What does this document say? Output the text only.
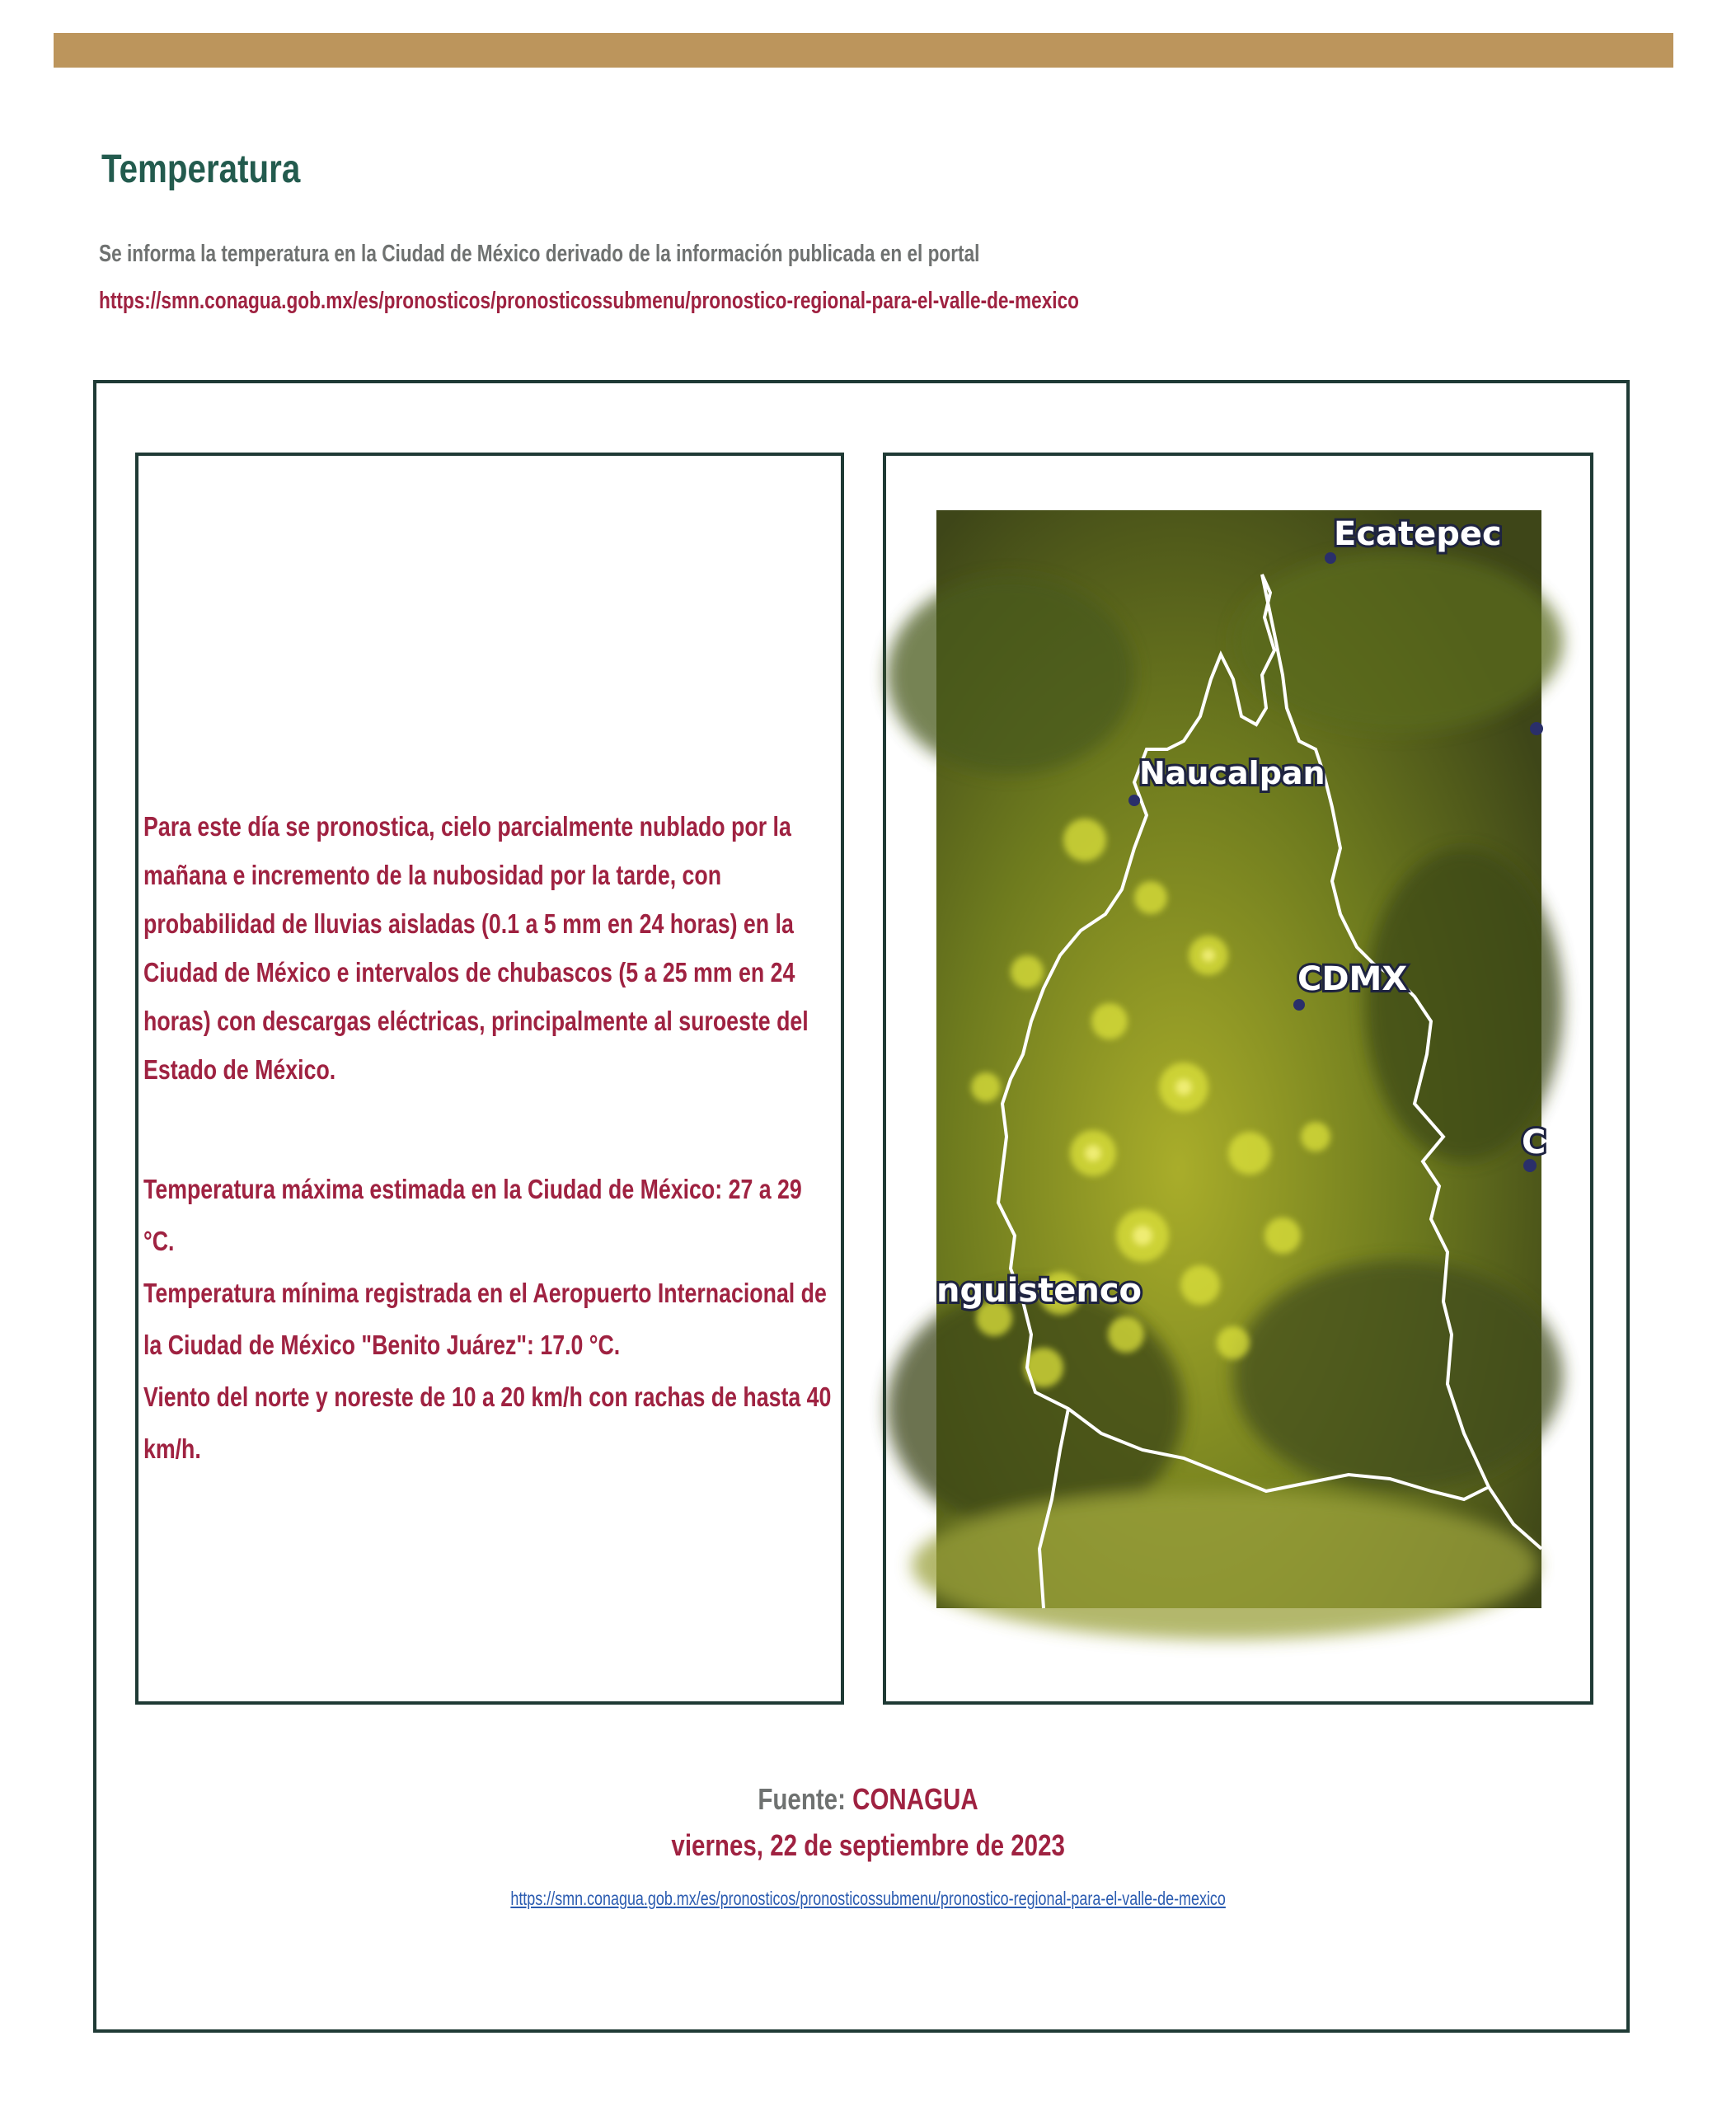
Temperatura
Se informa la temperatura en la Ciudad de México derivado de la información publicada en el portal
https://smn.conagua.gob.mx/es/pronosticos/pronosticossubmenu/pronostico-regional-para-el-valle-de-mexico

Para este día se pronostica, cielo parcialmente nublado por la mañana e incremento de la nubosidad por la tarde, con probabilidad de lluvias aisladas (0.1 a 5 mm en 24 horas) en la Ciudad de México e intervalos de chubascos (5 a 25 mm en 24 horas) con descargas eléctricas, principalmente al suroeste del Estado de México.

Temperatura máxima estimada en la Ciudad de México: 27 a 29 °C.
Temperatura mínima registrada en el Aeropuerto Internacional de la Ciudad de México "Benito Juárez": 17.0 °C.
Viento del norte y noreste de 10 a 20 km/h con rachas de hasta 40 km/h.
Ecatepec
Naucalpan
CDMX
nguistenco
C
Fuente: CONAGUA
viernes, 22 de septiembre de 2023
https://smn.conagua.gob.mx/es/pronosticos/pronosticossubmenu/pronostico-regional-para-el-valle-de-mexico
